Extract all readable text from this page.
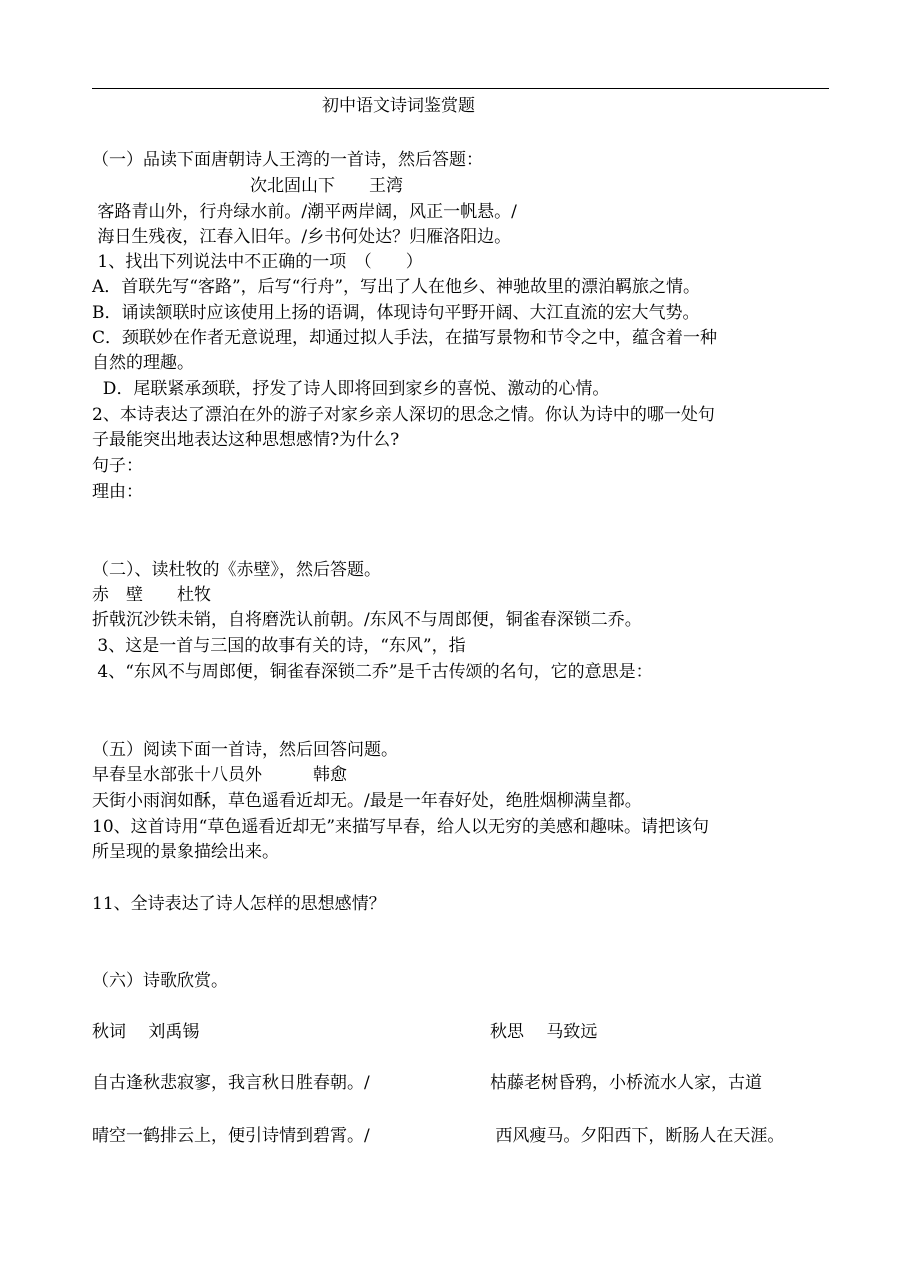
初中语文诗词鉴赏题
（一）品读下面唐朝诗人王湾的一首诗，然后答题：
次北固山下　　王湾
客路青山外，行舟绿水前。/潮平两岸阔，风正一帆悬。/
海日生残夜，江春入旧年。/乡书何处达？归雁洛阳边。
1、找出下列说法中不正确的一项　（　　）
A．首联先写“客路”，后写“行舟”，写出了人在他乡、神驰故里的漂泊羁旅之情。
B．诵读颔联时应该使用上扬的语调，体现诗句平野开阔、大江直流的宏大气势。
C．颈联妙在作者无意说理，却通过拟人手法，在描写景物和节令之中，蕴含着一种
自然的理趣。
D．尾联紧承颈联，抒发了诗人即将回到家乡的喜悦、激动的心情。
2、本诗表达了漂泊在外的游子对家乡亲人深切的思念之情。你认为诗中的哪一处句
子最能突出地表达这种思想感情?为什么?
句子：
理由：
（二）、读杜牧的《赤壁》，然后答题。
赤　壁　　杜牧
折戟沉沙铁未销，自将磨洗认前朝。/东风不与周郎便，铜雀春深锁二乔。
3、这是一首与三国的故事有关的诗，“东风”，指
4、“东风不与周郎便，铜雀春深锁二乔”是千古传颂的名句，它的意思是：
（五）阅读下面一首诗，然后回答问题。
早春呈水部张十八员外　　　韩愈
天街小雨润如酥，草色遥看近却无。/最是一年春好处，绝胜烟柳满皇都。
10、这首诗用“草色遥看近却无”来描写早春，给人以无穷的美感和趣味。请把该句
所呈现的景象描绘出来。
11、全诗表达了诗人怎样的思想感情？
（六）诗歌欣赏。
秋词　 刘禹锡
自古逢秋悲寂寥，我言秋日胜春朝。/
晴空一鹤排云上，便引诗情到碧霄。/
秋思　 马致远
枯藤老树昏鸦，小桥流水人家，古道
西风瘦马。夕阳西下，断肠人在天涯。
